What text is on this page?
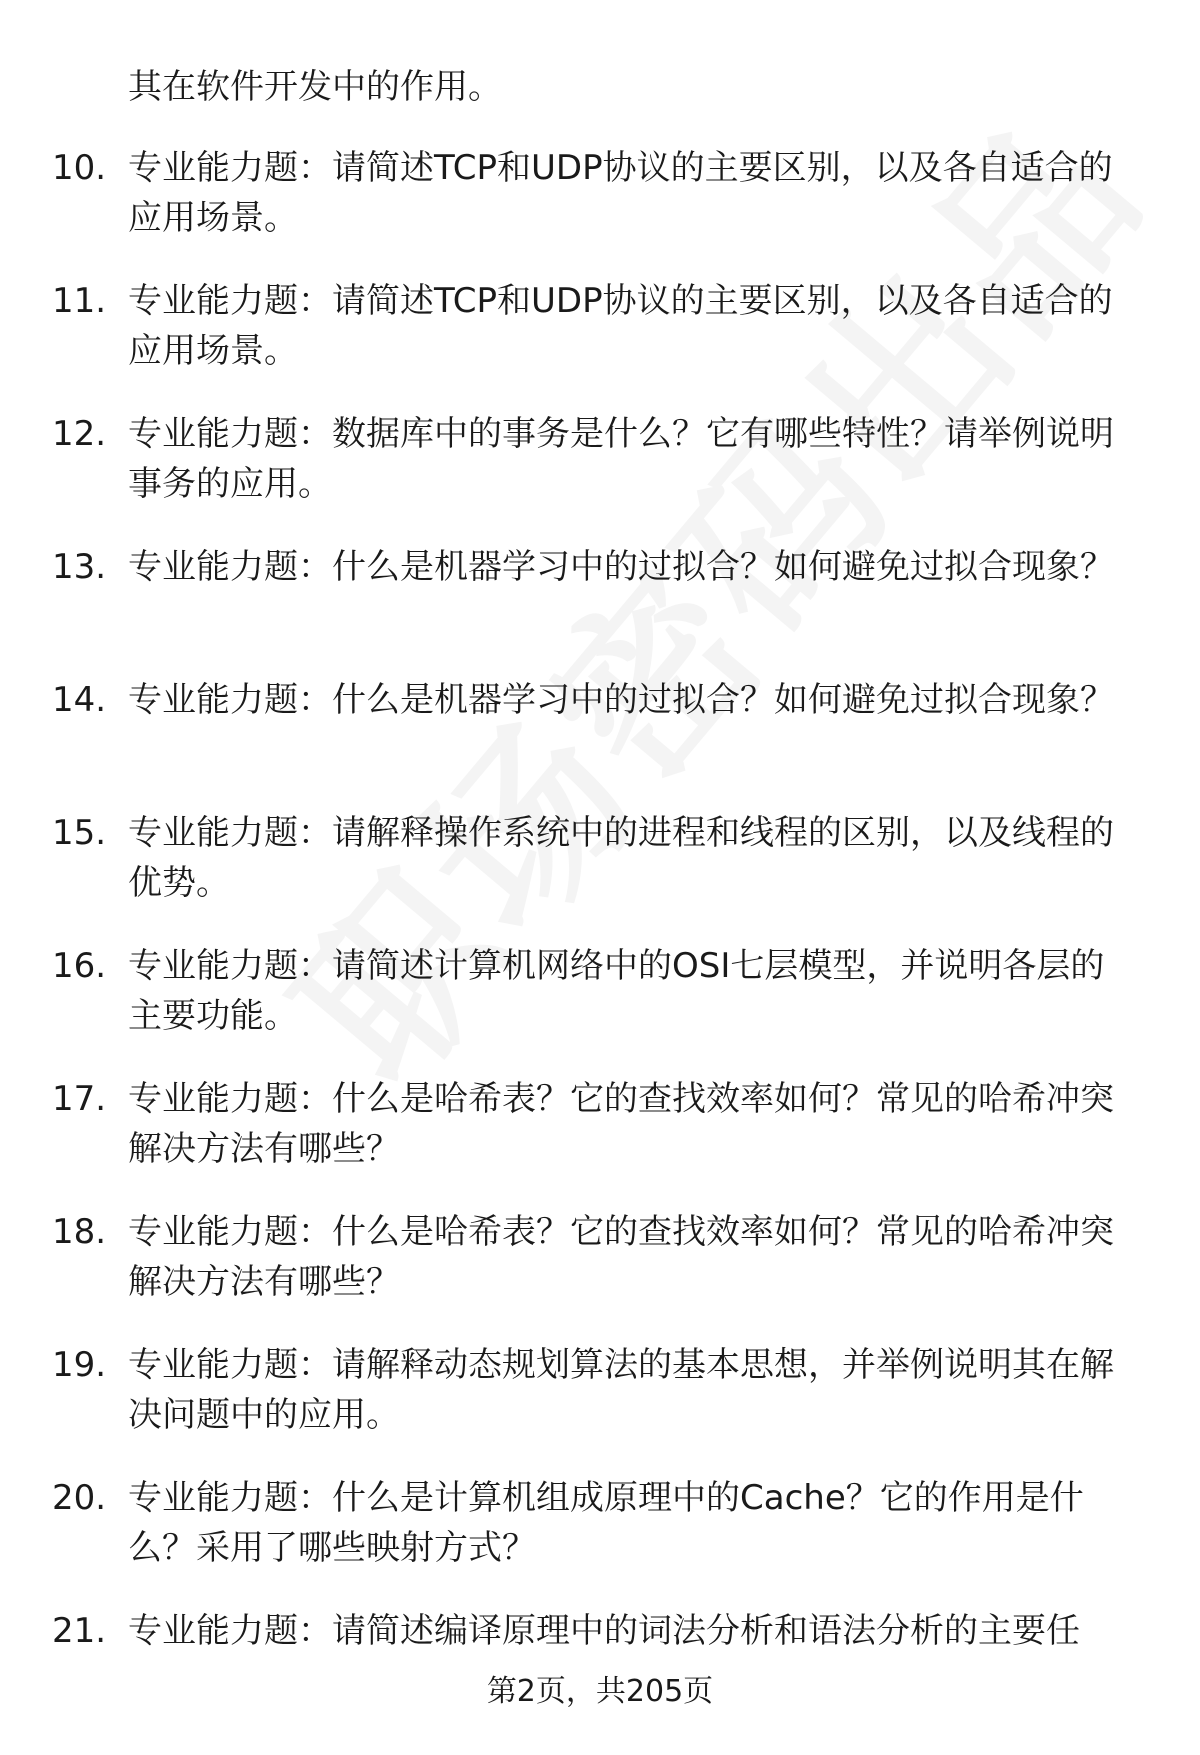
其在软件开发中的作用。
10. 专业能力题：请简述TCP和UDP协议的主要区别，以及各自适合的应用场景。
11. 专业能力题：请简述TCP和UDP协议的主要区别，以及各自适合的应用场景。
12. 专业能力题：数据库中的事务是什么？它有哪些特性？请举例说明事务的应用。
13. 专业能力题：什么是机器学习中的过拟合？如何避免过拟合现象？
14. 专业能力题：什么是机器学习中的过拟合？如何避免过拟合现象？
15. 专业能力题：请解释操作系统中的进程和线程的区别，以及线程的优势。
16. 专业能力题：请简述计算机网络中的OSI七层模型，并说明各层的主要功能。
17. 专业能力题：什么是哈希表？它的查找效率如何？常见的哈希冲突解决方法有哪些？
18. 专业能力题：什么是哈希表？它的查找效率如何？常见的哈希冲突解决方法有哪些？
19. 专业能力题：请解释动态规划算法的基本思想，并举例说明其在解决问题中的应用。
20. 专业能力题：什么是计算机组成原理中的Cache？它的作用是什么？采用了哪些映射方式？
21. 专业能力题：请简述编译原理中的词法分析和语法分析的主要任
第2页，共205页
